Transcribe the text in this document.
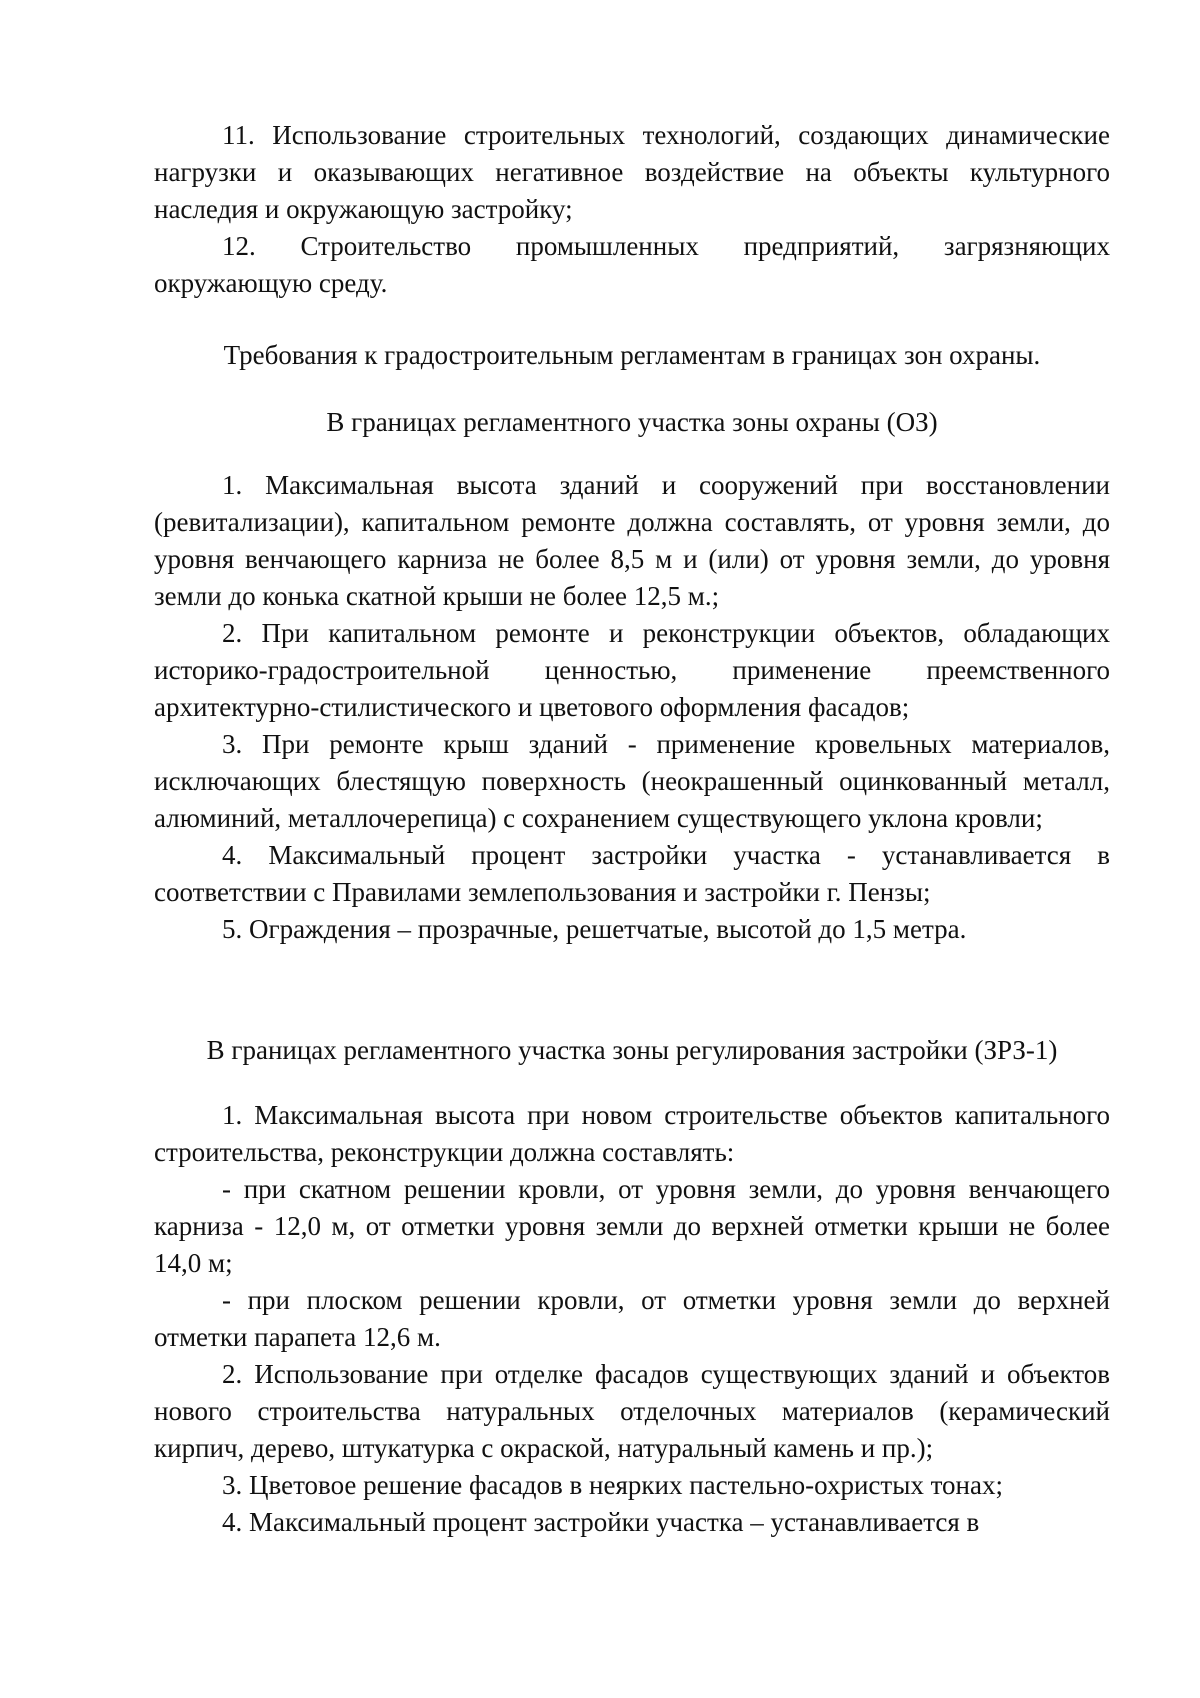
11. Использование строительных технологий, создающих динамические нагрузки и оказывающих негативное воздействие на объекты культурного наследия и окружающую застройку;

12. Строительство промышленных предприятий, загрязняющих окружающую среду.

Требования к градостроительным регламентам в границах зон охраны.

В границах регламентного участка зоны охраны (ОЗ)

1. Максимальная высота зданий и сооружений при восстановлении (ревитализации), капитальном ремонте должна составлять, от уровня земли, до уровня венчающего карниза не более 8,5 м и (или) от уровня земли, до уровня земли до конька скатной крыши не более 12,5 м.;

2. При капитальном ремонте и реконструкции объектов, обладающих историко-градостроительной ценностью, применение преемственного архитектурно-стилистического и цветового оформления фасадов;

3. При ремонте крыш зданий - применение кровельных материалов, исключающих блестящую поверхность (неокрашенный оцинкованный металл, алюминий, металлочерепица) с сохранением существующего уклона кровли;

4. Максимальный процент застройки участка - устанавливается в соответствии с Правилами землепользования и застройки г. Пензы;

5. Ограждения – прозрачные, решетчатые, высотой до 1,5 метра.

В границах регламентного участка зоны регулирования застройки (ЗРЗ-1)

1. Максимальная высота при новом строительстве объектов капитального строительства, реконструкции должна составлять:

- при скатном решении кровли, от уровня земли, до уровня венчающего карниза - 12,0 м, от отметки уровня земли до верхней отметки крыши не более 14,0 м;

- при плоском решении кровли, от отметки уровня земли до верхней отметки парапета 12,6 м.

2. Использование при отделке фасадов существующих зданий и объектов нового строительства натуральных отделочных материалов (керамический кирпич, дерево, штукатурка с окраской, натуральный камень и пр.);

3. Цветовое решение фасадов в неярких пастельно-охристых тонах;

4. Максимальный процент застройки участка – устанавливается в
